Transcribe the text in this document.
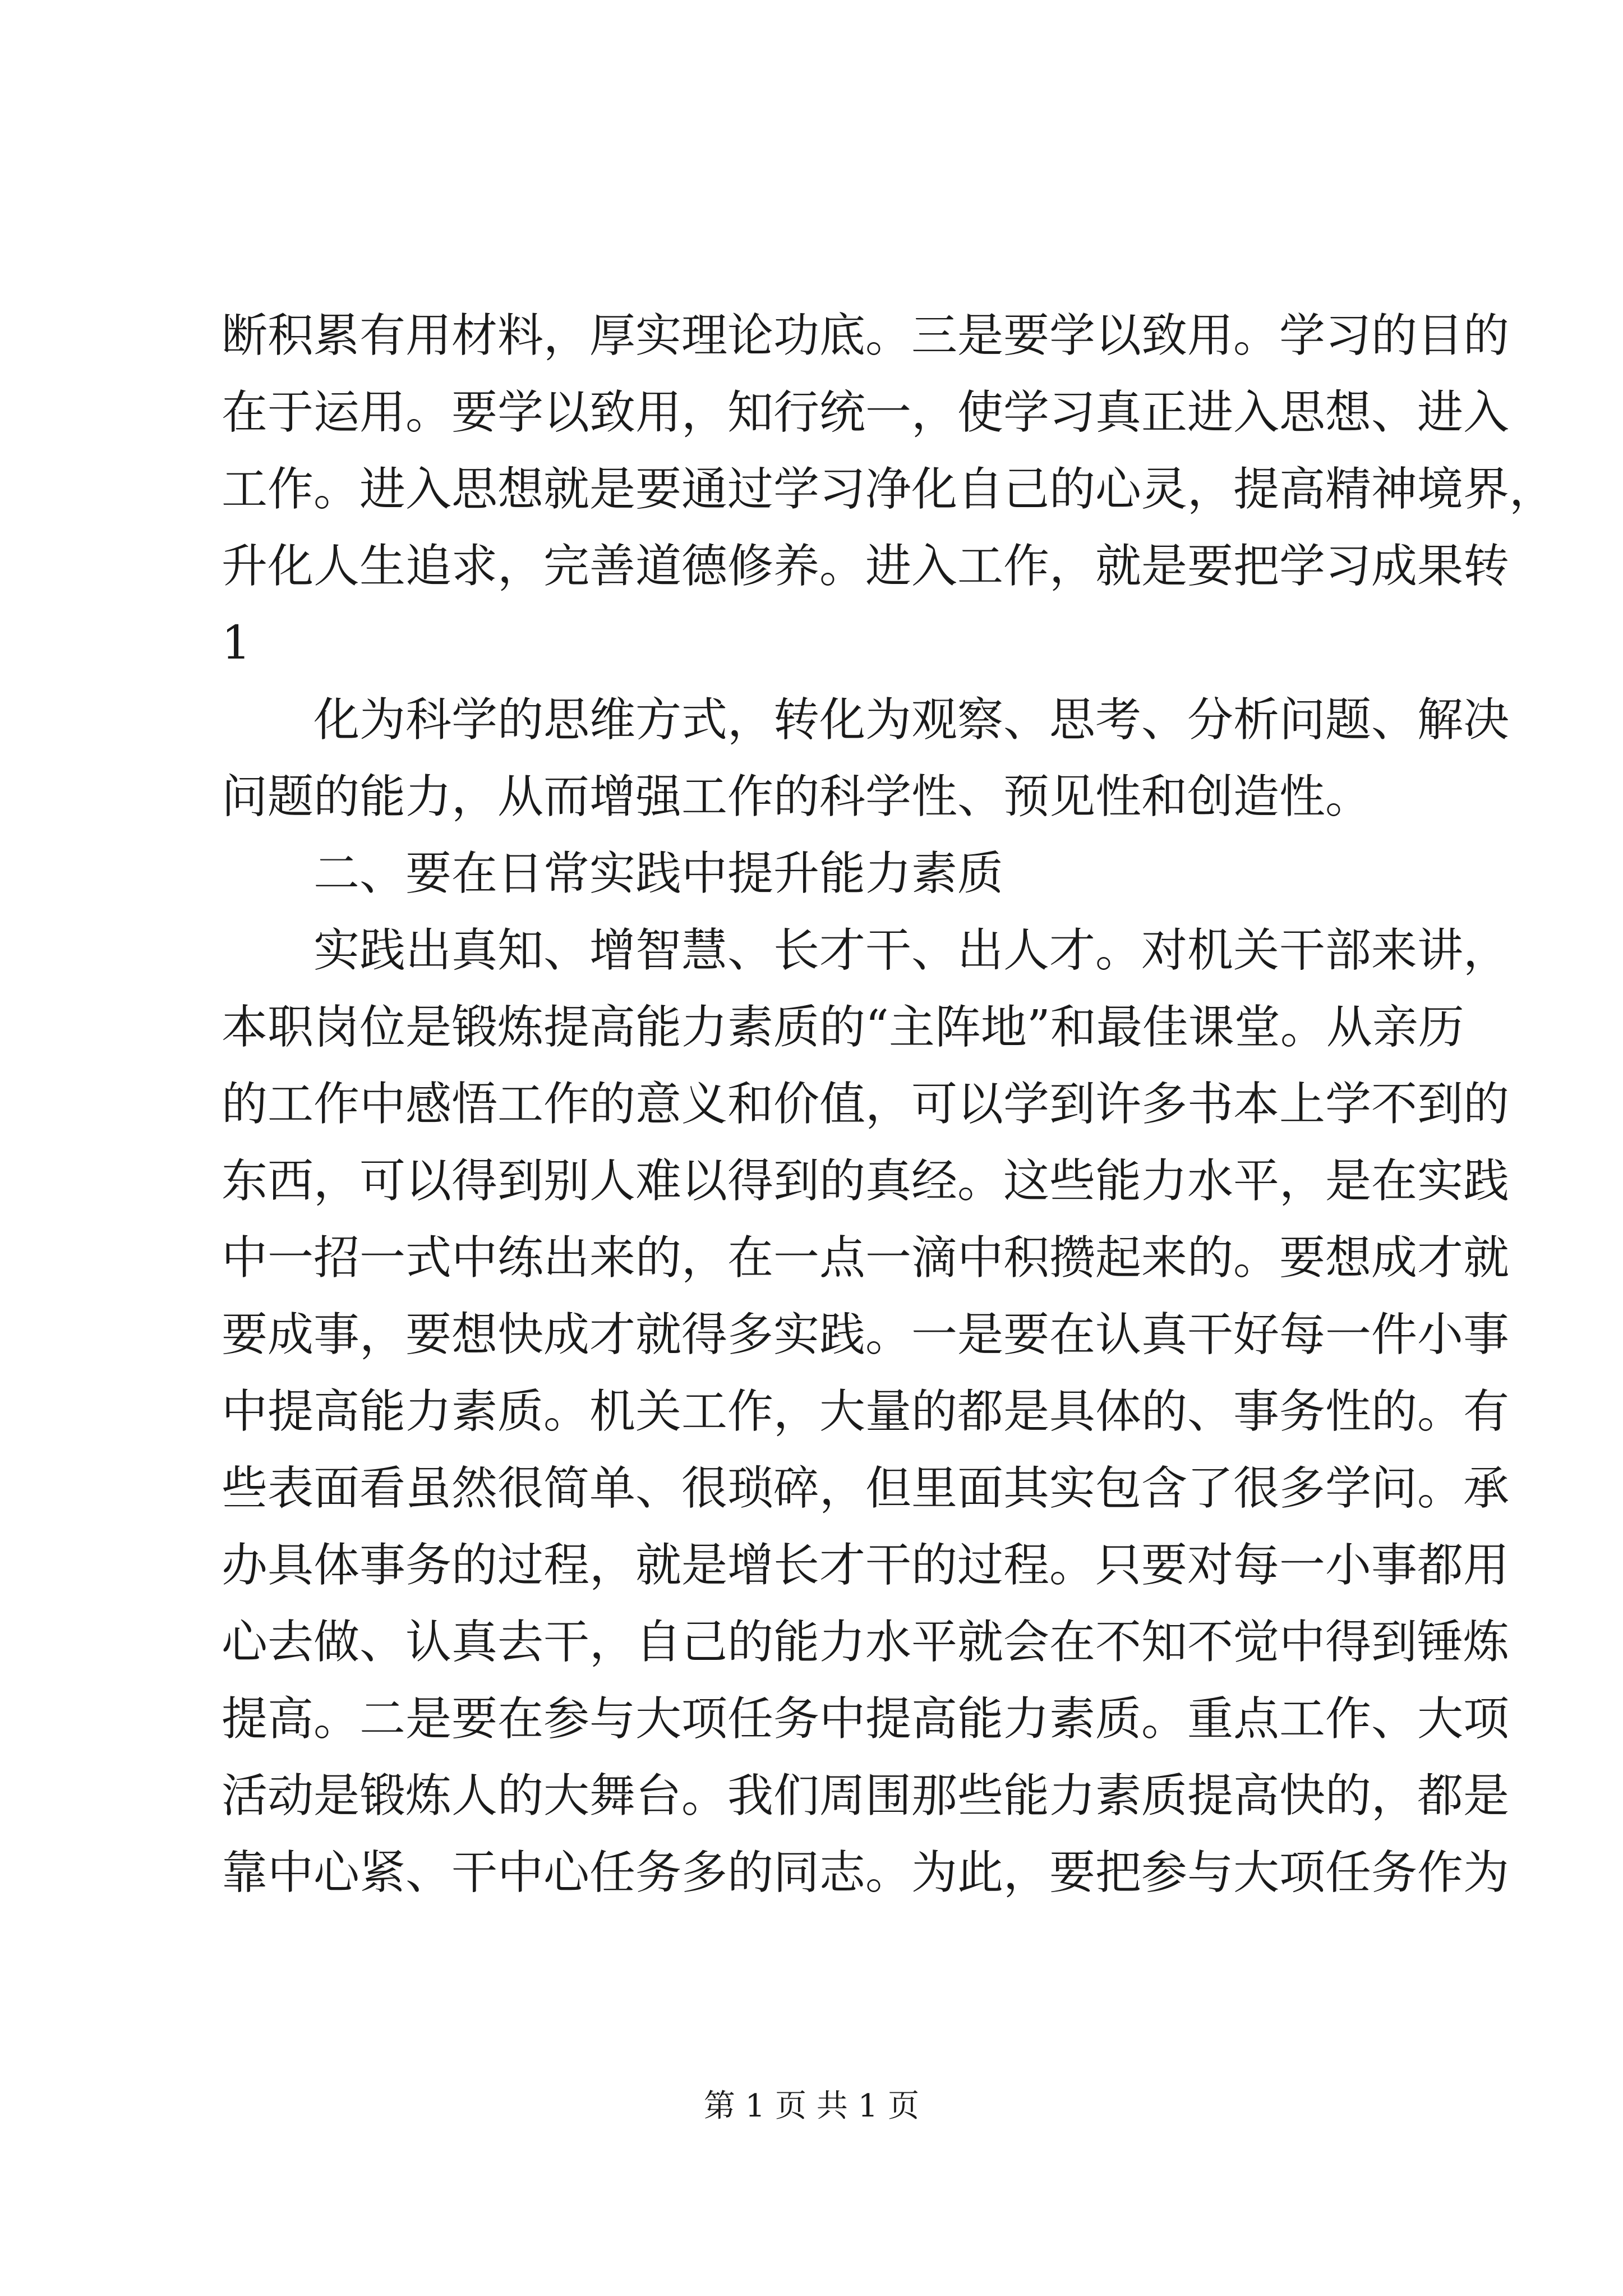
断积累有用材料，厚实理论功底。三是要学以致用。学习的目的
在于运用。要学以致用，知行统一，使学习真正进入思想、进入
工作。进入思想就是要通过学习净化自己的心灵，提高精神境界，
升化人生追求，完善道德修养。进入工作，就是要把学习成果转
1
化为科学的思维方式，转化为观察、思考、分析问题、解决
问题的能力，从而增强工作的科学性、预见性和创造性。
二、要在日常实践中提升能力素质
实践出真知、增智慧、长才干、出人才。对机关干部来讲，
本职岗位是锻炼提高能力素质的“主阵地”和最佳课堂。从亲历
的工作中感悟工作的意义和价值，可以学到许多书本上学不到的
东西，可以得到别人难以得到的真经。这些能力水平，是在实践
中一招一式中练出来的，在一点一滴中积攒起来的。要想成才就
要成事，要想快成才就得多实践。一是要在认真干好每一件小事
中提高能力素质。机关工作，大量的都是具体的、事务性的。有
些表面看虽然很简单、很琐碎，但里面其实包含了很多学问。承
办具体事务的过程，就是增长才干的过程。只要对每一小事都用
心去做、认真去干，自己的能力水平就会在不知不觉中得到锤炼
提高。二是要在参与大项任务中提高能力素质。重点工作、大项
活动是锻炼人的大舞台。我们周围那些能力素质提高快的，都是
靠中心紧、干中心任务多的同志。为此，要把参与大项任务作为
第 1 页 共 1 页
